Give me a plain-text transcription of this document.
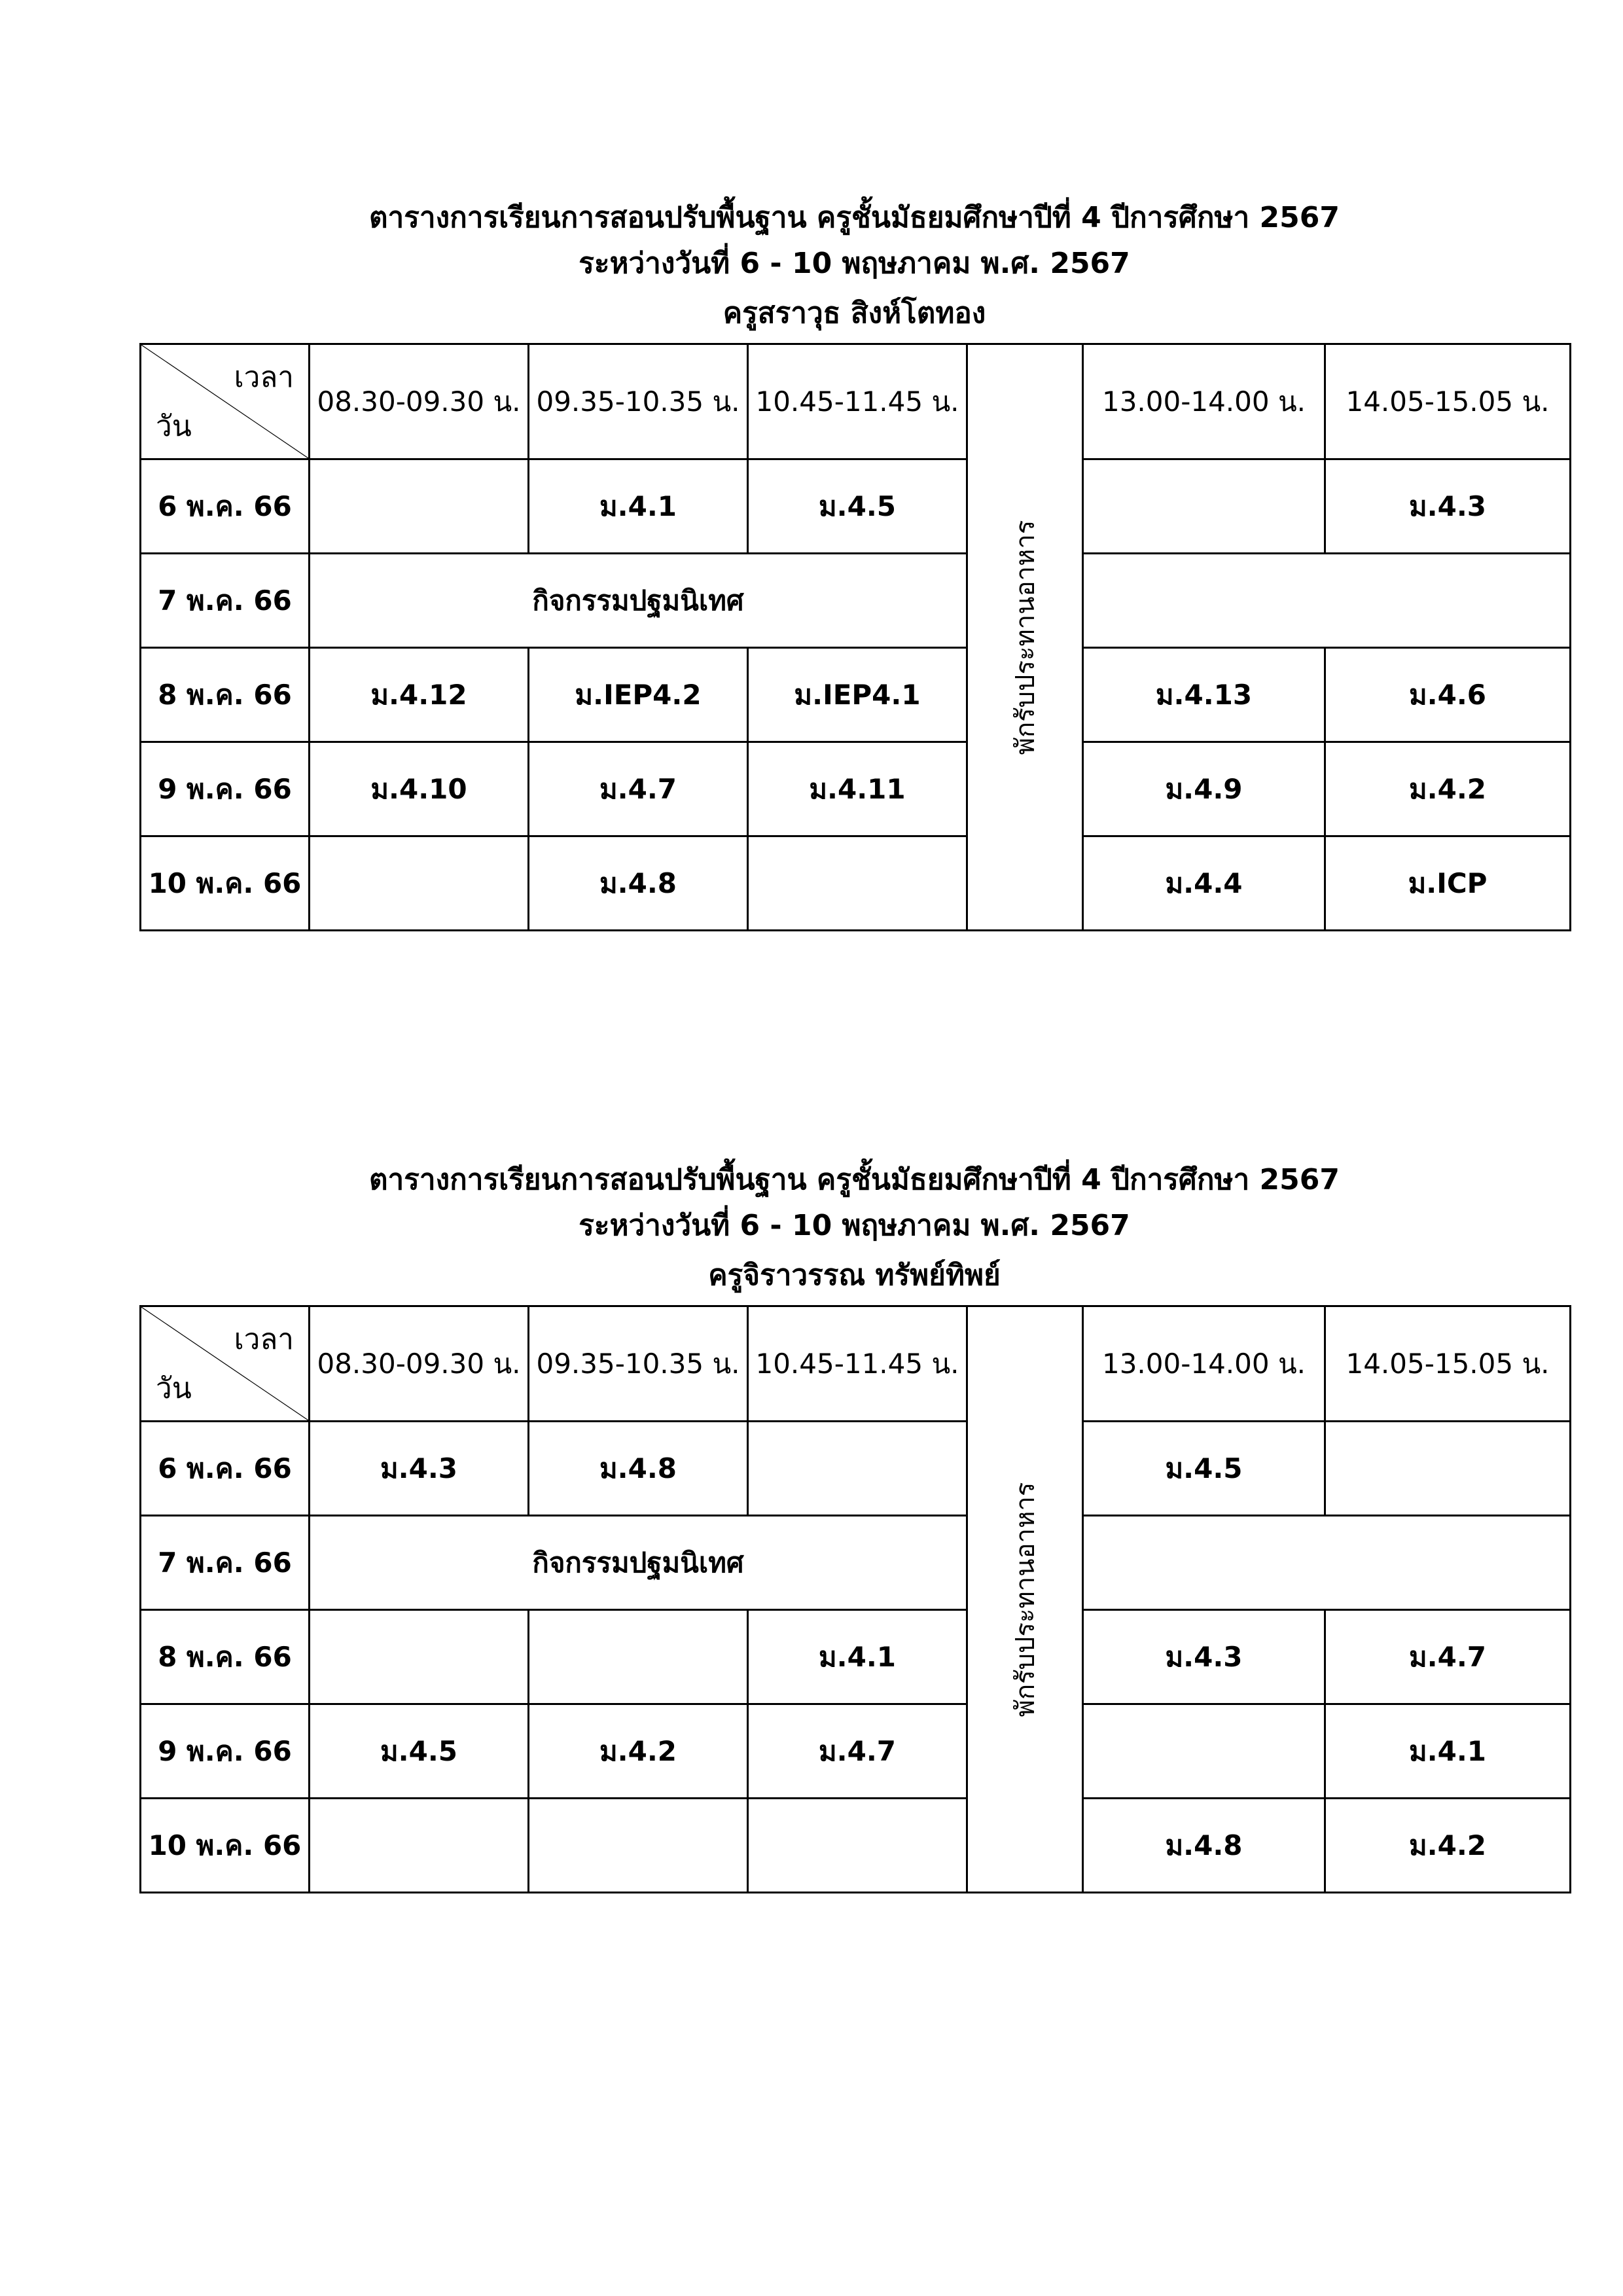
ตารางการเรียนการสอนปรับพื้นฐาน ครูชั้นมัธยมศึกษาปีที่ 4 ปีการศึกษา 2567

ระหว่างวันที่ 6 - 10 พฤษภาคม พ.ศ. 2567

ครูสราวุธ สิงห์โตทอง

เวลา
วัน	08.30-09.30 น.	09.35-10.35 น.	10.45-11.45 น.	พักรับประทานอาหาร	13.00-14.00 น.	14.05-15.05 น.
6 พ.ค. 66		ม.4.1	ม.4.5			ม.4.3
7 พ.ค. 66	กิจกรรมปฐมนิเทศ					
8 พ.ค. 66	ม.4.12	ม.IEP4.2	ม.IEP4.1		ม.4.13	ม.4.6
9 พ.ค. 66	ม.4.10	ม.4.7	ม.4.11		ม.4.9	ม.4.2
10 พ.ค. 66		ม.4.8			ม.4.4	ม.ICP

ตารางการเรียนการสอนปรับพื้นฐาน ครูชั้นมัธยมศึกษาปีที่ 4 ปีการศึกษา 2567

ระหว่างวันที่ 6 - 10 พฤษภาคม พ.ศ. 2567

ครูจิราวรรณ ทรัพย์ทิพย์

เวลา
วัน	08.30-09.30 น.	09.35-10.35 น.	10.45-11.45 น.	พักรับประทานอาหาร	13.00-14.00 น.	14.05-15.05 น.
6 พ.ค. 66	ม.4.3	ม.4.8			ม.4.5	
7 พ.ค. 66	กิจกรรมปฐมนิเทศ					
8 พ.ค. 66			ม.4.1		ม.4.3	ม.4.7
9 พ.ค. 66	ม.4.5	ม.4.2	ม.4.7			ม.4.1
10 พ.ค. 66					ม.4.8	ม.4.2
